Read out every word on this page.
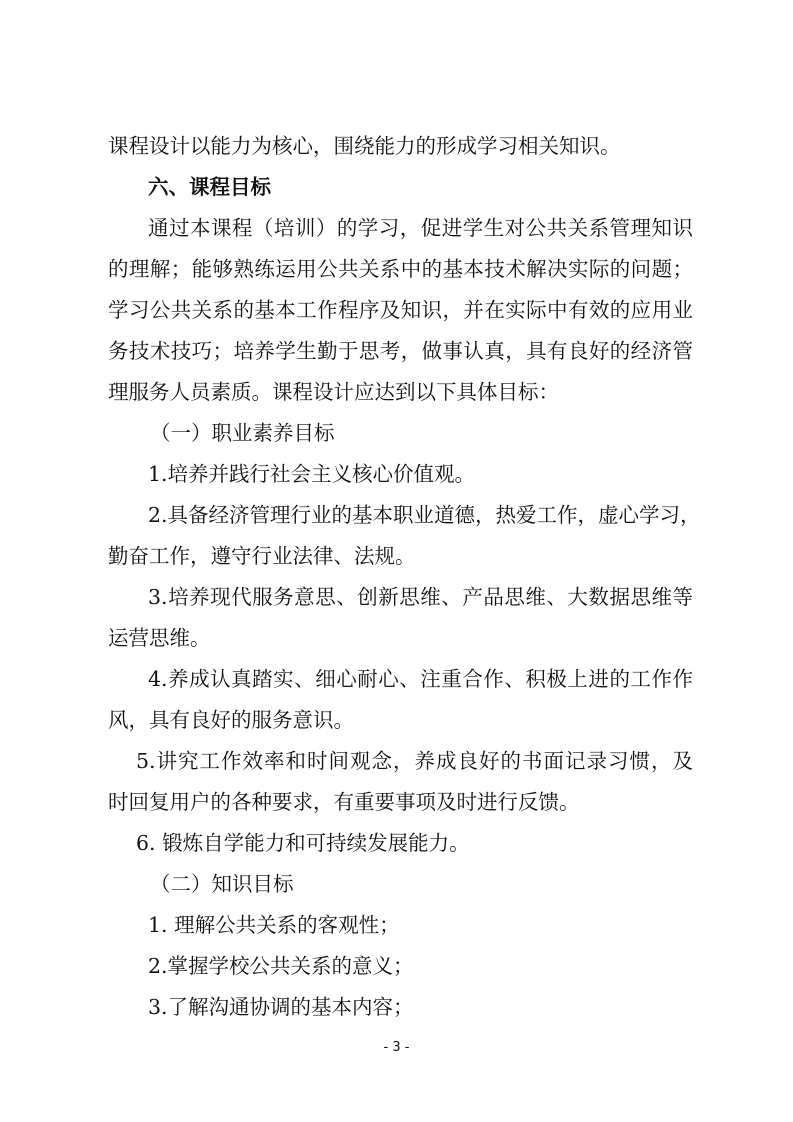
课程设计以能力为核心，围绕能力的形成学习相关知识。
六、课程目标
通过本课程（培训）的学习，促进学生对公共关系管理知识
的理解；能够熟练运用公共关系中的基本技术解决实际的问题；
学习公共关系的基本工作程序及知识，并在实际中有效的应用业
务技术技巧；培养学生勤于思考，做事认真，具有良好的经济管
理服务人员素质。课程设计应达到以下具体目标：
（一）职业素养目标
1.培养并践行社会主义核心价值观。
2.具备经济管理行业的基本职业道德，热爱工作，虚心学习，
勤奋工作，遵守行业法律、法规。
3.培养现代服务意思、创新思维、产品思维、大数据思维等
运营思维。
4.养成认真踏实、细心耐心、注重合作、积极上进的工作作
风，具有良好的服务意识。
5.讲究工作效率和时间观念，养成良好的书面记录习惯，及
时回复用户的各种要求，有重要事项及时进行反馈。
6. 锻炼自学能力和可持续发展能力。
（二）知识目标
1. 理解公共关系的客观性；
2.掌握学校公共关系的意义；
3.了解沟通协调的基本内容；
- 3 -
